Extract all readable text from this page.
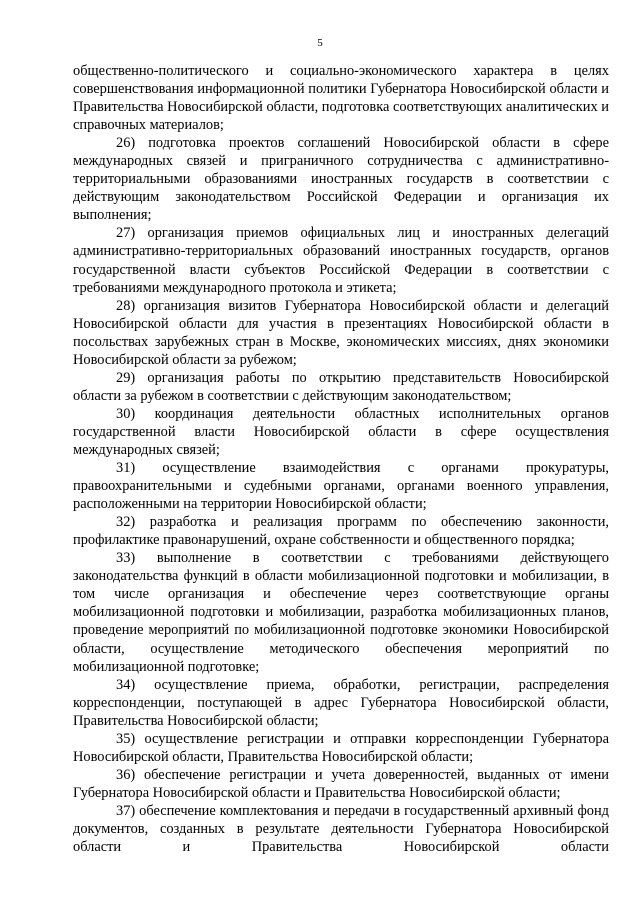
5

общественно-политического и социально-экономического характера в целях совершенствования информационной политики Губернатора Новосибирской области и Правительства Новосибирской области, подготовка соответствующих аналитических и справочных материалов;

26) подготовка проектов соглашений Новосибирской области в сфере международных связей и приграничного сотрудничества с административно-территориальными образованиями иностранных государств в соответствии с действующим законодательством Российской Федерации и организация их выполнения;

27) организация приемов официальных лиц и иностранных делегаций административно-территориальных образований иностранных государств, органов государственной власти субъектов Российской Федерации в соответствии с требованиями международного протокола и этикета;

28) организация визитов Губернатора Новосибирской области и делегаций Новосибирской области для участия в презентациях Новосибирской области в посольствах зарубежных стран в Москве, экономических миссиях, днях экономики Новосибирской области за рубежом;

29) организация работы по открытию представительств Новосибирской области за рубежом в соответствии с действующим законодательством;

30) координация деятельности областных исполнительных органов государственной власти Новосибирской области в сфере осуществления международных связей;

31) осуществление взаимодействия с органами прокуратуры, правоохранительными и судебными органами, органами военного управления, расположенными на территории Новосибирской области;

32) разработка и реализация программ по обеспечению законности, профилактике правонарушений, охране собственности и общественного порядка;

33) выполнение в соответствии с требованиями действующего законодательства функций в области мобилизационной подготовки и мобилизации, в том числе организация и обеспечение через соответствующие органы мобилизационной подготовки и мобилизации, разработка мобилизационных планов, проведение мероприятий по мобилизационной подготовке экономики Новосибирской области, осуществление методического обеспечения мероприятий по мобилизационной подготовке;

34) осуществление приема, обработки, регистрации, распределения корреспонденции, поступающей в адрес Губернатора Новосибирской области, Правительства Новосибирской области;

35) осуществление регистрации и отправки корреспонденции Губернатора Новосибирской области, Правительства Новосибирской области;

36) обеспечение регистрации и учета доверенностей, выданных от имени Губернатора Новосибирской области и Правительства Новосибирской области;

37) обеспечение комплектования и передачи в государственный архивный фонд документов, созданных в результате деятельности Губернатора Новосибирской области и Правительства Новосибирской области
